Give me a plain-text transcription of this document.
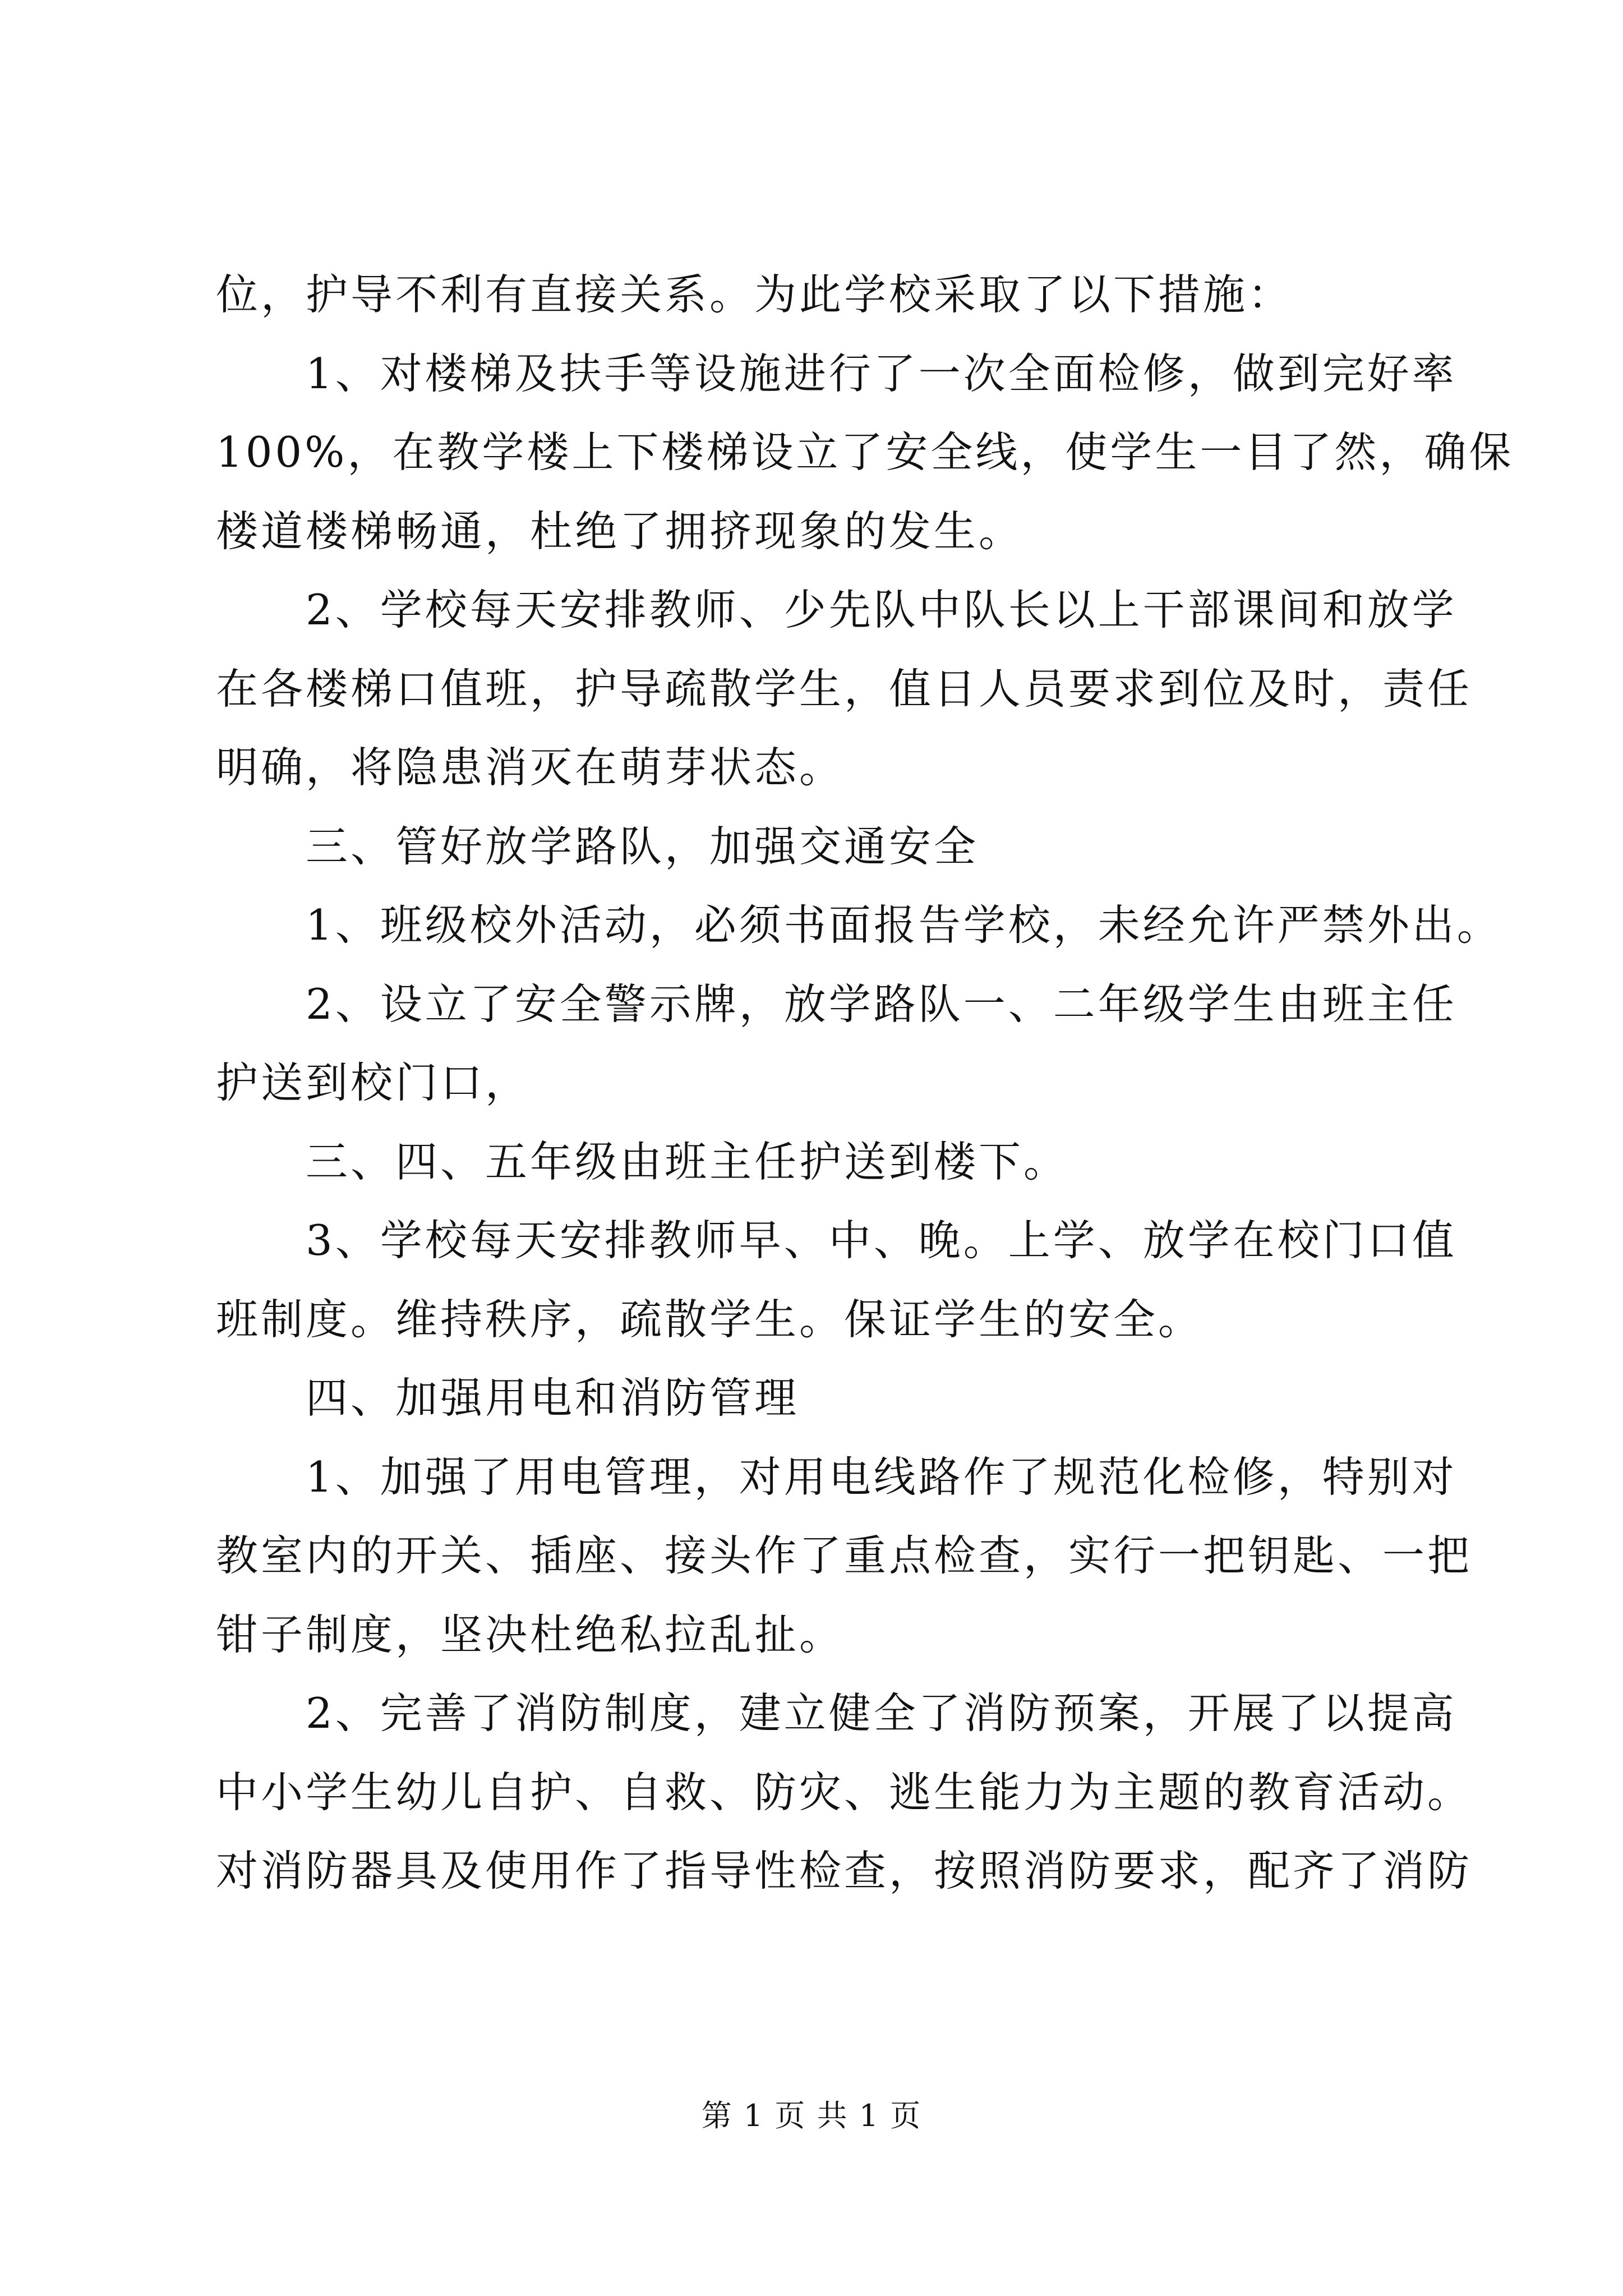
位，护导不利有直接关系。为此学校采取了以下措施：
1、对楼梯及扶手等设施进行了一次全面检修，做到完好率
100%，在教学楼上下楼梯设立了安全线，使学生一目了然，确保
楼道楼梯畅通，杜绝了拥挤现象的发生。
2、学校每天安排教师、少先队中队长以上干部课间和放学
在各楼梯口值班，护导疏散学生，值日人员要求到位及时，责任
明确，将隐患消灭在萌芽状态。
三、管好放学路队，加强交通安全
1、班级校外活动，必须书面报告学校，未经允许严禁外出。
2、设立了安全警示牌，放学路队一、二年级学生由班主任
护送到校门口，
三、四、五年级由班主任护送到楼下。
3、学校每天安排教师早、中、晚。上学、放学在校门口值
班制度。维持秩序，疏散学生。保证学生的安全。
四、加强用电和消防管理
1、加强了用电管理，对用电线路作了规范化检修，特别对
教室内的开关、插座、接头作了重点检查，实行一把钥匙、一把
钳子制度，坚决杜绝私拉乱扯。
2、完善了消防制度，建立健全了消防预案，开展了以提高
中小学生幼儿自护、自救、防灾、逃生能力为主题的教育活动。
对消防器具及使用作了指导性检查，按照消防要求，配齐了消防
第 1 页 共 1 页
